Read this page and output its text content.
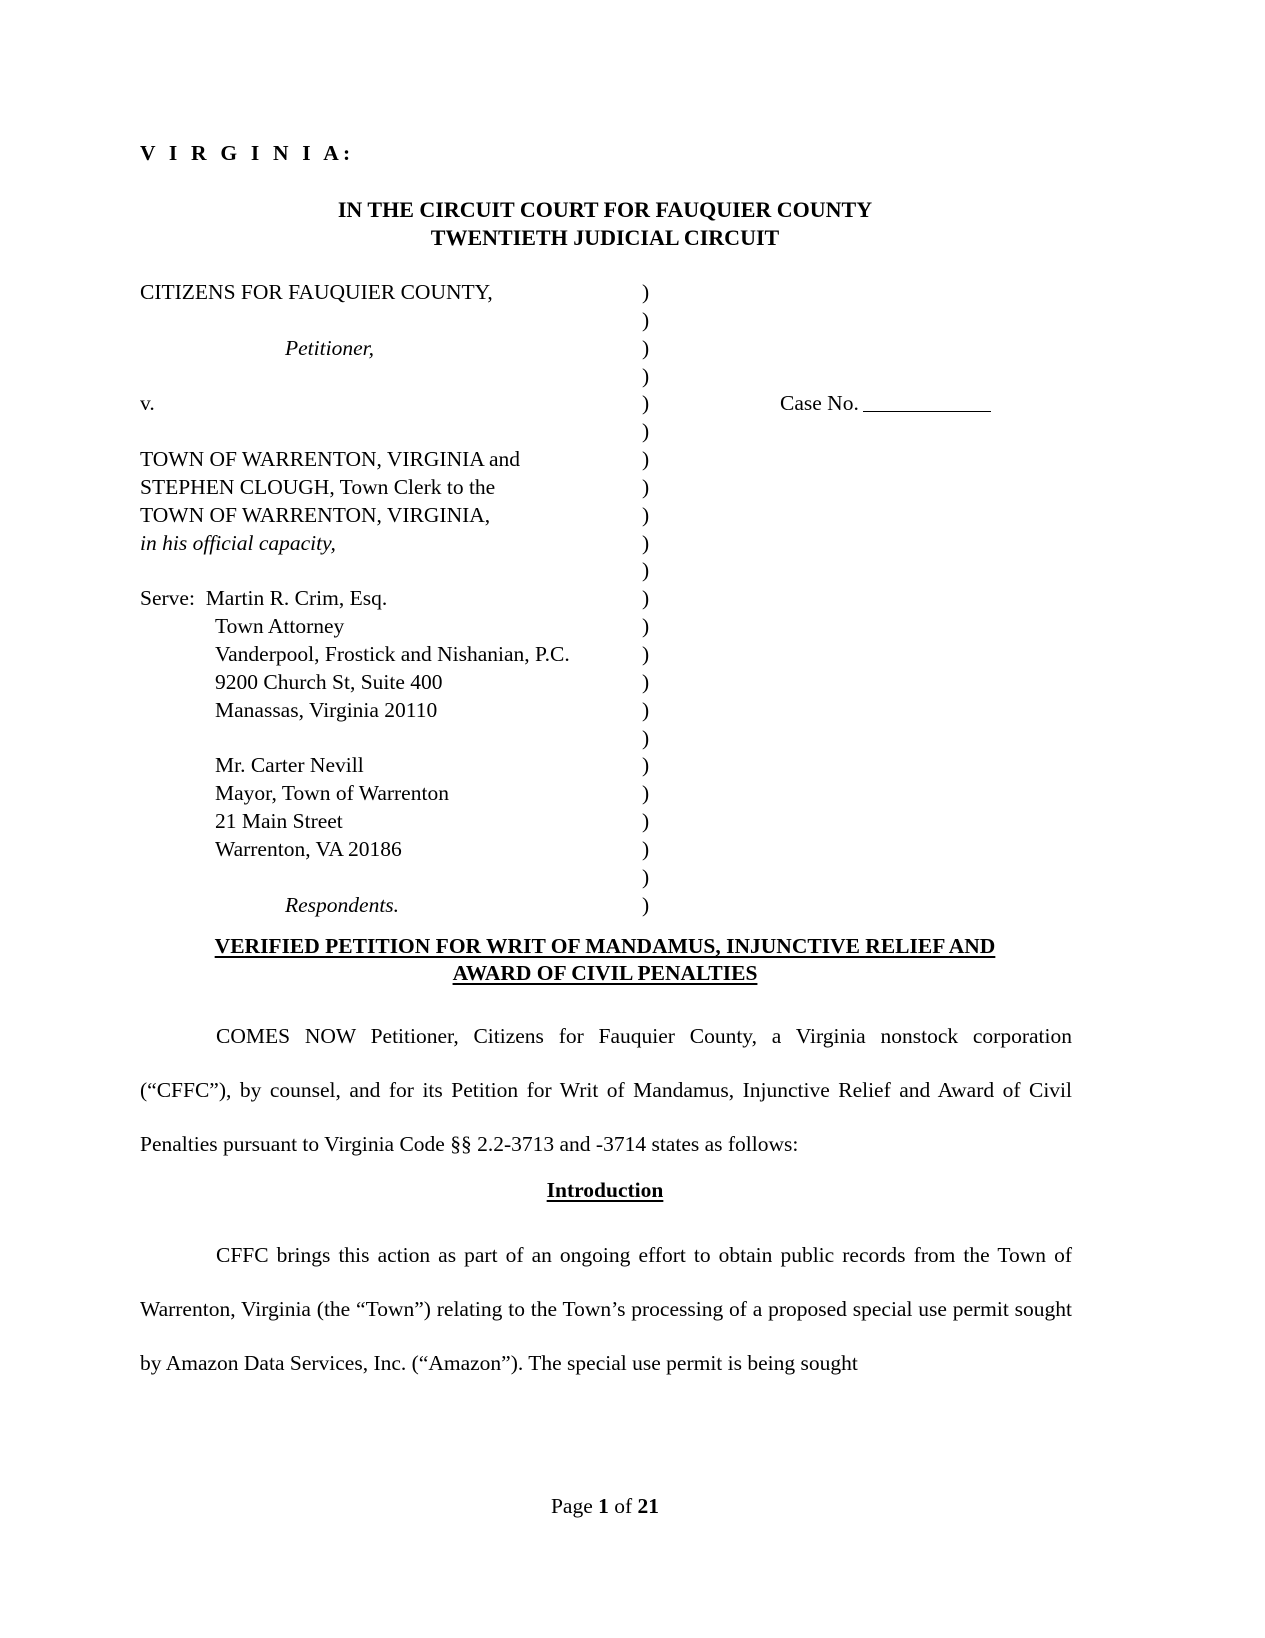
V I R G I N I A:
IN THE CIRCUIT COURT FOR FAUQUIER COUNTY
TWENTIETH JUDICIAL CIRCUIT
CITIZENS FOR FAUQUIER COUNTY,
Petitioner,
v.
TOWN OF WARRENTON, VIRGINIA and
STEPHEN CLOUGH, Town Clerk to the
TOWN OF WARRENTON, VIRGINIA,
in his official capacity,
Serve: Martin R. Crim, Esq.
Town Attorney
Vanderpool, Frostick and Nishanian, P.C.
9200 Church St, Suite 400
Manassas, Virginia 20110
Mr. Carter Nevill
Mayor, Town of Warrenton
21 Main Street
Warrenton, VA 20186
Respondents.
)
)
)
)
)
)
)
)
)
)
)
)
)
)
)
)
)
)
)
)
)
)
)
Case No.
VERIFIED PETITION FOR WRIT OF MANDAMUS, INJUNCTIVE RELIEF AND
AWARD OF CIVIL PENALTIES

COMES NOW Petitioner, Citizens for Fauquier County, a Virginia nonstock corporation (“CFFC”), by counsel, and for its Petition for Writ of Mandamus, Injunctive Relief and Award of Civil Penalties pursuant to Virginia Code §§ 2.2-3713 and -3714 states as follows:

Introduction

CFFC brings this action as part of an ongoing effort to obtain public records from the Town of Warrenton, Virginia (the “Town”) relating to the Town’s processing of a proposed special use permit sought by Amazon Data Services, Inc. (“Amazon”). The special use permit is being sought

Page 1 of 21
